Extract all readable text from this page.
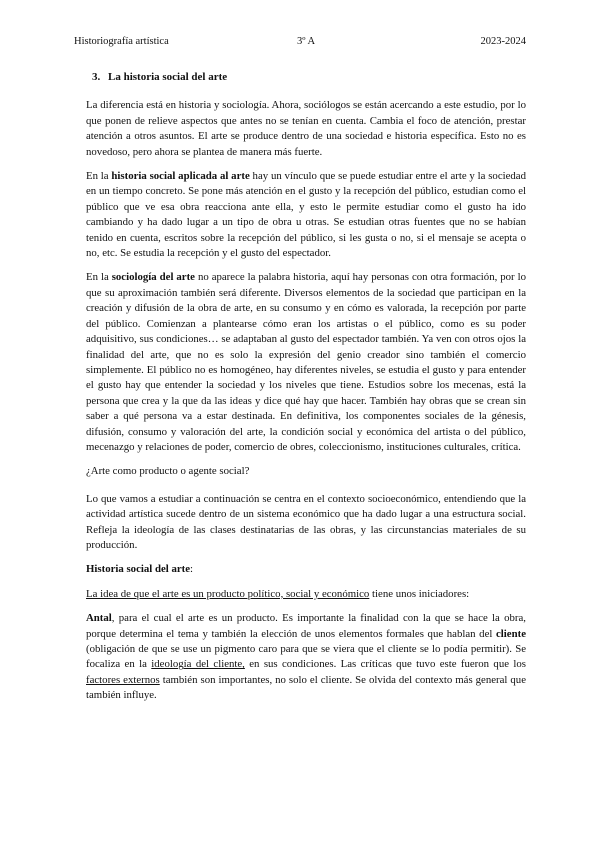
Historiografía artística	3º A	2023-2024
3. La historia social del arte

La diferencia está en historia y sociología. Ahora, sociólogos se están acercando a este estudio, por lo que ponen de relieve aspectos que antes no se tenían en cuenta. Cambia el foco de atención, prestar atención a otros asuntos. El arte se produce dentro de una sociedad e historia específica. Esto no es novedoso, pero ahora se plantea de manera más fuerte.

En la historia social aplicada al arte hay un vínculo que se puede estudiar entre el arte y la sociedad en un tiempo concreto. Se pone más atención en el gusto y la recepción del público, estudian como el público que ve esa obra reacciona ante ella, y esto le permite estudiar como el gusto ha ido cambiando y ha dado lugar a un tipo de obra u otras. Se estudian otras fuentes que no se habían tenido en cuenta, escritos sobre la recepción del público, si les gusta o no, si el mensaje se acepta o no, etc. Se estudia la recepción y el gusto del espectador.

En la sociología del arte no aparece la palabra historia, aquí hay personas con otra formación, por lo que su aproximación también será diferente. Diversos elementos de la sociedad que participan en la creación y difusión de la obra de arte, en su consumo y en cómo es valorada, la recepción por parte del público. Comienzan a plantearse cómo eran los artistas o el público, como es su poder adquisitivo, sus condiciones… se adaptaban al gusto del espectador también. Ya ven con otros ojos la finalidad del arte, que no es solo la expresión del genio creador sino también el comercio simplemente. El público no es homogéneo, hay diferentes niveles, se estudia el gusto y para entender el gusto hay que entender la sociedad y los niveles que tiene. Estudios sobre los mecenas, está la persona que crea y la que da las ideas y dice qué hay que hacer. También hay obras que se crean sin saber a qué persona va a estar destinada. En definitiva, los componentes sociales de la génesis, difusión, consumo y valoración del arte, la condición social y económica del artista o del público, mecenazgo y relaciones de poder, comercio de obres, coleccionismo, instituciones culturales, crítica.

¿Arte como producto o agente social?

Lo que vamos a estudiar a continuación se centra en el contexto socioeconómico, entendiendo que la actividad artística sucede dentro de un sistema económico que ha dado lugar a una estructura social. Refleja la ideología de las clases destinatarias de las obras, y las circunstancias materiales de su producción.

Historia social del arte:

La idea de que el arte es un producto político, social y económico tiene unos iniciadores:

Antal, para el cual el arte es un producto. Es importante la finalidad con la que se hace la obra, porque determina el tema y también la elección de unos elementos formales que hablan del cliente (obligación de que se use un pigmento caro para que se viera que el cliente se lo podía permitir). Se focaliza en la ideología del cliente, en sus condiciones. Las críticas que tuvo este fueron que los factores externos también son importantes, no solo el cliente. Se olvida del contexto más general que también influye.
